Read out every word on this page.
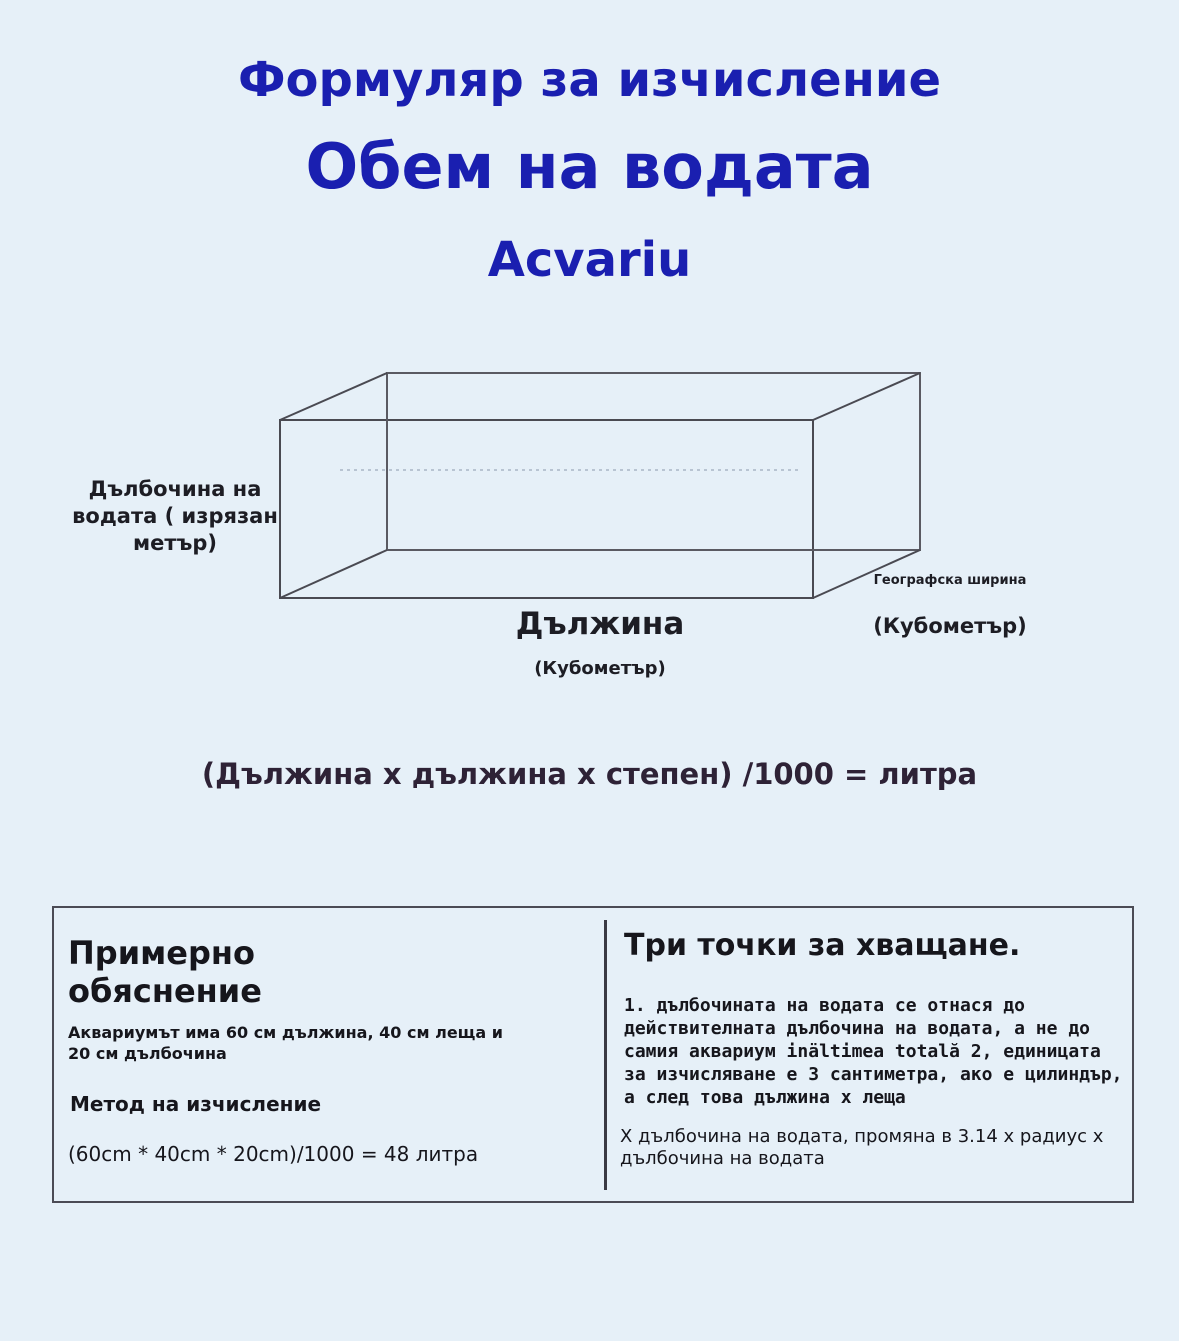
Формуляр за изчисление
Обем на водата
Acvariu

Дълбочина на водата ( изрязан метър)

Дължина

(Кубометър)

Географска ширина

(Кубометър)

(Дължина x дължина x степен) /1000 = литра

Примерно обяснение

Аквариумът има 60 см дължина, 40 см леща и 20 см дълбочина

Метод на изчисление

(60cm * 40cm * 20cm)/1000 = 48 литра

Три точки за хващане.

1. дълбочината на водата се отнася до действителната дълбочина на водата, а не до самия аквариум inältimea totală 2, единицата за изчисляване е 3 сантиметра, ако е цилиндър, а след това дължина x леща

X дълбочина на водата, промяна в 3.14 x радиус x дълбочина на водата
